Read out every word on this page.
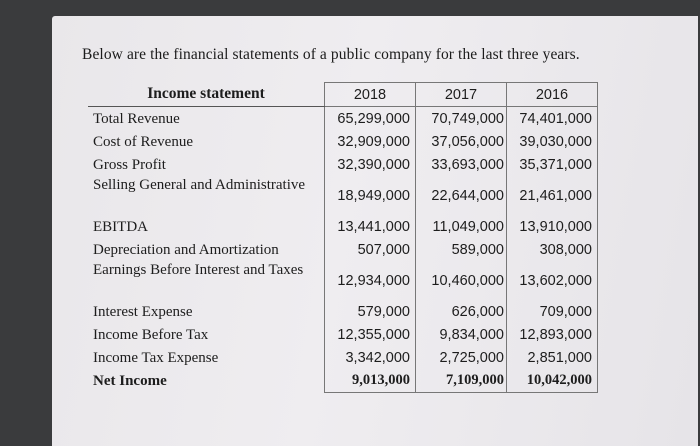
Below are the financial statements of a public company for the last three years.
Income statement	2018	2017	2016
Total Revenue	65,299,000	70,749,000	74,401,000
Cost of Revenue	32,909,000	37,056,000	39,030,000
Gross Profit	32,390,000	33,693,000	35,371,000
Selling General and Administrative	18,949,000	22,644,000	21,461,000
EBITDA	13,441,000	11,049,000	13,910,000
Depreciation and Amortization	507,000	589,000	308,000
Earnings Before Interest and Taxes	12,934,000	10,460,000	13,602,000
Interest Expense	579,000	626,000	709,000
Income Before Tax	12,355,000	9,834,000	12,893,000
Income Tax Expense	3,342,000	2,725,000	2,851,000
Net Income	9,013,000	7,109,000	10,042,000
